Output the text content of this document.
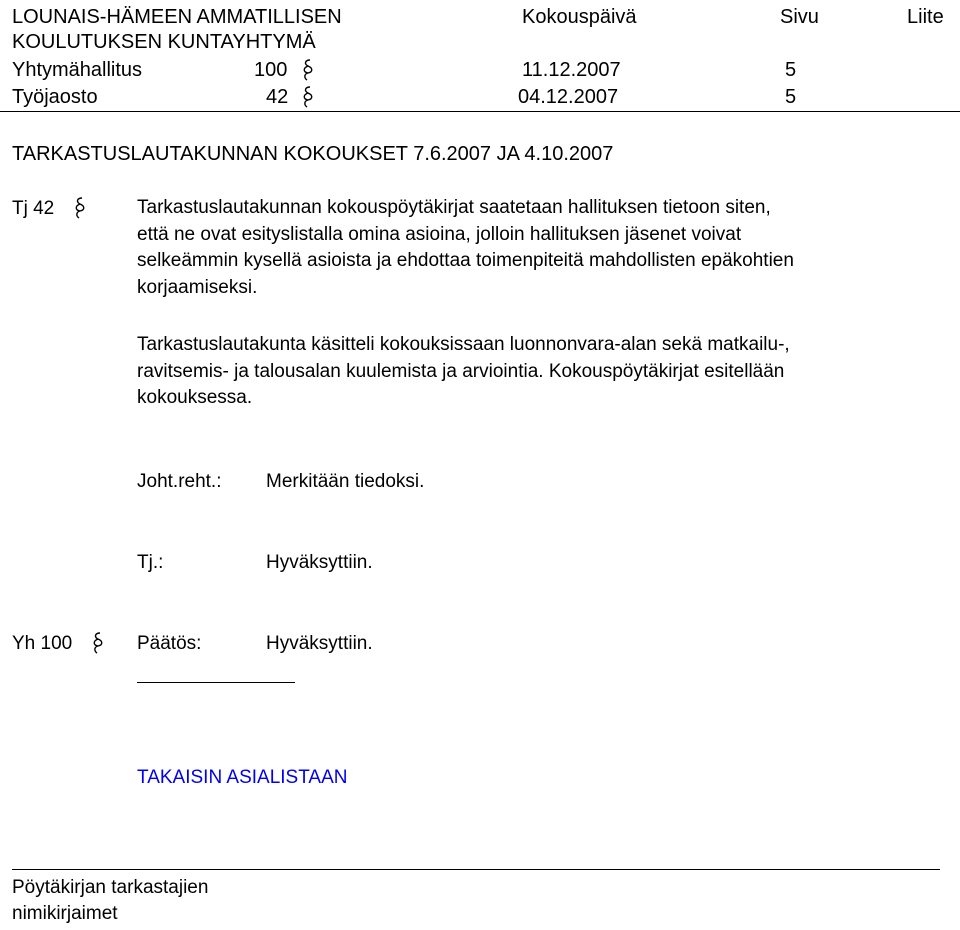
LOUNAIS-HÄMEEN AMMATILLISEN
KOULUTUKSEN KUNTAYHTYMÄ
Kokouspäivä	Sivu	Liite
Yhtymähallitus	100	11.12.2007	5
Työjaosto	42	04.12.2007	5
TARKASTUSLAUTAKUNNAN KOKOUKSET 7.6.2007 JA 4.10.2007
Tj 42	Tarkastuslautakunnan kokouspöytäkirjat saatetaan hallituksen tietoon siten,
että ne ovat esityslistalla omina asioina, jolloin hallituksen jäsenet voivat
selkeämmin kysellä asioista ja ehdottaa toimenpiteitä mahdollisten epäkohtien
korjaamiseksi.
Tarkastuslautakunta käsitteli kokouksissaan luonnonvara-alan sekä matkailu-,
ravitsemis- ja talousalan kuulemista ja arviointia. Kokouspöytäkirjat esitellään
kokouksessa.
Joht.reht.: Merkitään tiedoksi.
Tj.:	Hyväksyttiin.
Yh 100	Päätös:	Hyväksyttiin.
TAKAISIN ASIALISTAAN
Pöytäkirjan tarkastajien
nimikirjaimet
